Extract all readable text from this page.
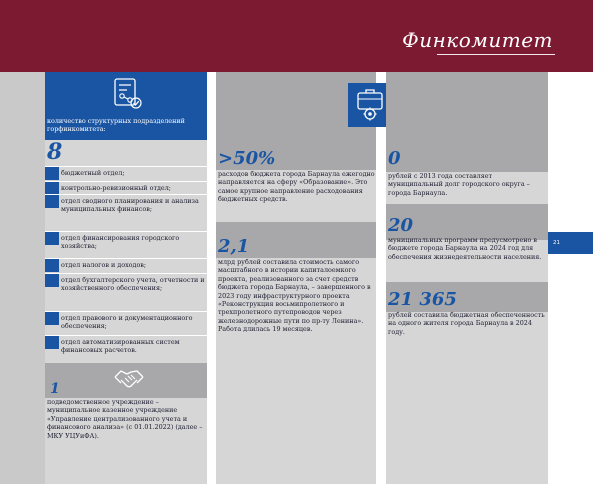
Финкомитет
количество структурных подразделений горфинкомитета:
8
бюджетный отдел;
контрольно-ревизионный отдел;
отдел сводного планирования и анализа муниципальных финансов;
отдел финансирования городского хозяйства;
отдел налогов и доходов;
отдел бухгалтерского учета, отчетности и хозяйственного обеспечения;
отдел правового и документационного обеспечения;
отдел автоматизированных систем финансовых расчетов.
1
подведомственное учреждение – муниципальное казенное учреждение «Управление централизованного учета и финансового анализа» (с 01.01.2022) (далее – МКУ УЦУиФА).
>50%
расходов бюджета города Барнаула ежегодно направляется на сферу «Образование». Это самое крупное направление расходования бюджетных средств.
2,1
млрд рублей составила стоимость самого масштабного в истории капиталоемкого проекта, реализованного за счет средств бюджета города Барнаула, – завершенного в 2023 году инфраструктурного проекта «Реконструкция восьмипролетного и трехпролетного путепроводов через железнодорожные пути по пр-ту Ленина». Работа длилась 19 месяцев.
0
рублей с 2013 года составляет муниципальный долг городского округа – города Барнаула.
20
муниципальных программ предусмотрено в бюджете города Барнаула на 2024 год для обеспечения жизнедеятельности населения.
21 365
рублей составила бюджетная обеспеченность на одного жителя города Барнаула в 2024 году.
21
